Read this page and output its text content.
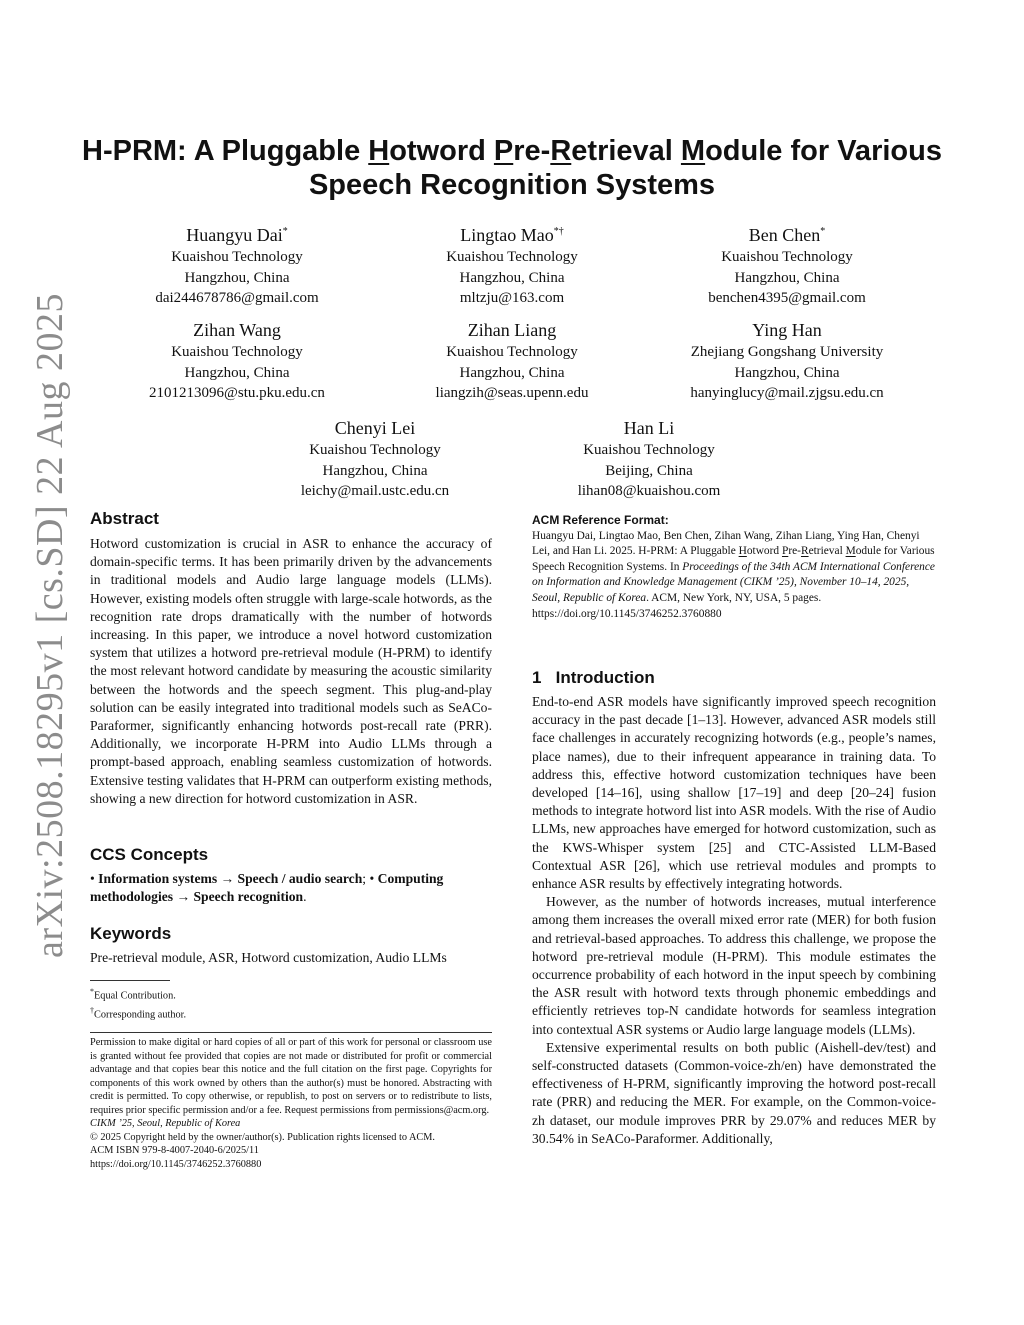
arXiv:2508.18295v1 [cs.SD] 22 Aug 2025
H-PRM: A Pluggable Hotword Pre-Retrieval Module for Various
Speech Recognition Systems
Huangyu Dai*
Kuaishou Technology
Hangzhou, China
dai244678786@gmail.com
Lingtao Mao*†
Kuaishou Technology
Hangzhou, China
mltzju@163.com
Ben Chen*
Kuaishou Technology
Hangzhou, China
benchen4395@gmail.com
Zihan Wang
Kuaishou Technology
Hangzhou, China
2101213096@stu.pku.edu.cn
Zihan Liang
Kuaishou Technology
Hangzhou, China
liangzih@seas.upenn.edu
Ying Han
Zhejiang Gongshang University
Hangzhou, China
hanyinglucy@mail.zjgsu.edu.cn
Chenyi Lei
Kuaishou Technology
Hangzhou, China
leichy@mail.ustc.edu.cn
Han Li
Kuaishou Technology
Beijing, China
lihan08@kuaishou.com
Abstract

Hotword customization is crucial in ASR to enhance the accuracy of domain-specific terms. It has been primarily driven by the advancements in traditional models and Audio large language models (LLMs). However, existing models often struggle with large-scale hotwords, as the recognition rate drops dramatically with the number of hotwords increasing. In this paper, we introduce a novel hotword customization system that utilizes a hotword pre-retrieval module (H-PRM) to identify the most relevant hotword candidate by measuring the acoustic similarity between the hotwords and the speech segment. This plug-and-play solution can be easily integrated into traditional models such as SeACo-Paraformer, significantly enhancing hotwords post-recall rate (PRR). Additionally, we incorporate H-PRM into Audio LLMs through a prompt-based approach, enabling seamless customization of hotwords. Extensive testing validates that H-PRM can outperform existing methods, showing a new direction for hotword customization in ASR.

CCS Concepts
• Information systems → Speech / audio search; • Computing methodologies → Speech recognition.
Keywords
Pre-retrieval module, ASR, Hotword customization, Audio LLMs
*Equal Contribution.
†Corresponding author.

Permission to make digital or hard copies of all or part of this work for personal or classroom use is granted without fee provided that copies are not made or distributed for profit or commercial advantage and that copies bear this notice and the full citation on the first page. Copyrights for components of this work owned by others than the author(s) must be honored. Abstracting with credit is permitted. To copy otherwise, or republish, to post on servers or to redistribute to lists, requires prior specific permission and/or a fee. Request permissions from permissions@acm.org.

CIKM ’25, Seoul, Republic of Korea

© 2025 Copyright held by the owner/author(s). Publication rights licensed to ACM.

ACM ISBN 979-8-4007-2040-6/2025/11

https://doi.org/10.1145/3746252.3760880

ACM Reference Format:
Huangyu Dai, Lingtao Mao, Ben Chen, Zihan Wang, Zihan Liang, Ying Han, Chenyi Lei, and Han Li. 2025. H-PRM: A Pluggable Hotword Pre-Retrieval Module for Various Speech Recognition Systems. In Proceedings of the 34th ACM International Conference on Information and Knowledge Management (CIKM ’25), November 10–14, 2025, Seoul, Republic of Korea. ACM, New York, NY, USA, 5 pages. https://doi.org/10.1145/3746252.3760880
1 Introduction

End-to-end ASR models have significantly improved speech recognition accuracy in the past decade [1–13]. However, advanced ASR models still face challenges in accurately recognizing hotwords (e.g., people’s names, place names), due to their infrequent appearance in training data. To address this, effective hotword customization techniques have been developed [14–16], using shallow [17–19] and deep [20–24] fusion methods to integrate hotword list into ASR models. With the rise of Audio LLMs, new approaches have emerged for hotword customization, such as the KWS-Whisper system [25] and CTC-Assisted LLM-Based Contextual ASR [26], which use retrieval modules and prompts to enhance ASR results by effectively integrating hotwords.

However, as the number of hotwords increases, mutual interference among them increases the overall mixed error rate (MER) for both fusion and retrieval-based approaches. To address this challenge, we propose the hotword pre-retrieval module (H-PRM). This module estimates the occurrence probability of each hotword in the input speech by combining the ASR result with hotword texts through phonemic embeddings and efficiently retrieves top-N candidate hotwords for seamless integration into contextual ASR systems or Audio large language models (LLMs).

Extensive experimental results on both public (Aishell-dev/test) and self-constructed datasets (Common-voice-zh/en) have demonstrated the effectiveness of H-PRM, significantly improving the hotword post-recall rate (PRR) and reducing the MER. For example, on the Common-voice-zh dataset, our module improves PRR by 29.07% and reduces MER by 30.54% in SeACo-Paraformer. Additionally,
